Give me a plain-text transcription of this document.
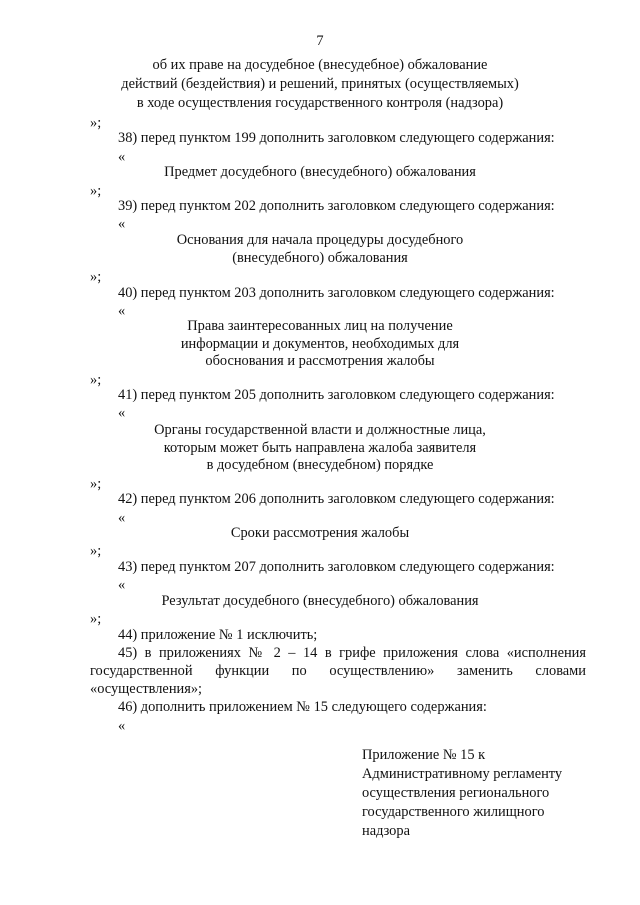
7
об их праве на досудебное (внесудебное) обжалование
действий (бездействия) и решений, принятых (осуществляемых)
в ходе осуществления государственного контроля (надзора)
»;
38) перед пунктом 199 дополнить заголовком следующего содержания:
«
Предмет досудебного (внесудебного) обжалования
»;
39) перед пунктом 202 дополнить заголовком следующего содержания:
«
Основания для начала процедуры досудебного
(внесудебного) обжалования
»;
40) перед пунктом 203 дополнить заголовком следующего содержания:
«
Права заинтересованных лиц на получение
информации и документов, необходимых для
обоснования и рассмотрения жалобы
»;
41) перед пунктом 205 дополнить заголовком следующего содержания:
«
Органы государственной власти и должностные лица,
которым может быть направлена жалоба заявителя
в досудебном (внесудебном) порядке
»;
42) перед пунктом 206 дополнить заголовком следующего содержания:
«
Сроки рассмотрения жалобы
»;
43) перед пунктом 207 дополнить заголовком следующего содержания:
«
Результат досудебного (внесудебного) обжалования
»;
44) приложение № 1 исключить;
45) в приложениях № 2 – 14 в грифе приложения слова «исполнения
государственной функции по осуществлению» заменить словами
«осуществления»;
46) дополнить приложением № 15 следующего содержания:
«
Приложение № 15 к
Административному регламенту
осуществления регионального
государственного жилищного
надзора
